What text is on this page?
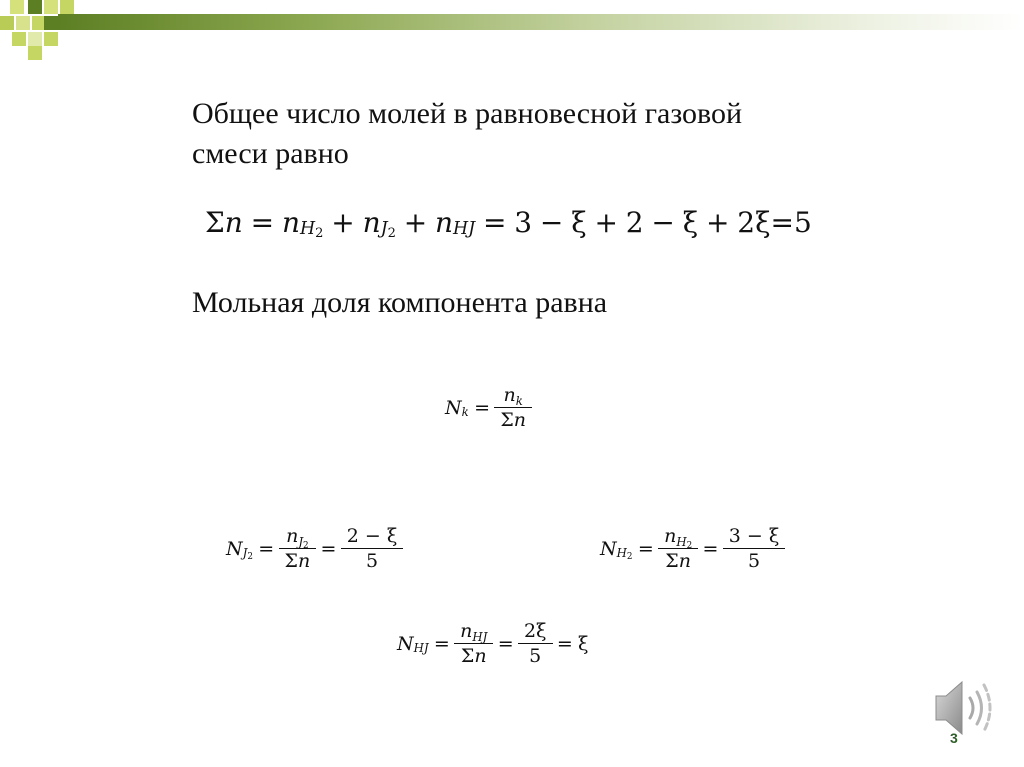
Общее число молей в равновесной газовой
смеси равно
Σ n = n H2 + n J2 + n HJ = 3 − ξ + 2 − ξ + 2ξ =5
Мольная доля компонента равна
N $k = \frac{n_k}{\Sigma n}$
N $J2 = \frac{n_{J2}}{\Sigma n} = \frac{2 - \xi}{5}$	N $H2 = \frac{n_{H2}}{\Sigma n} = \frac{3 - \xi}{5}$
N HJ = $\frac{n_{HJ}}{\Sigma n} = \frac{2\xi}{5} = \xi$
3
